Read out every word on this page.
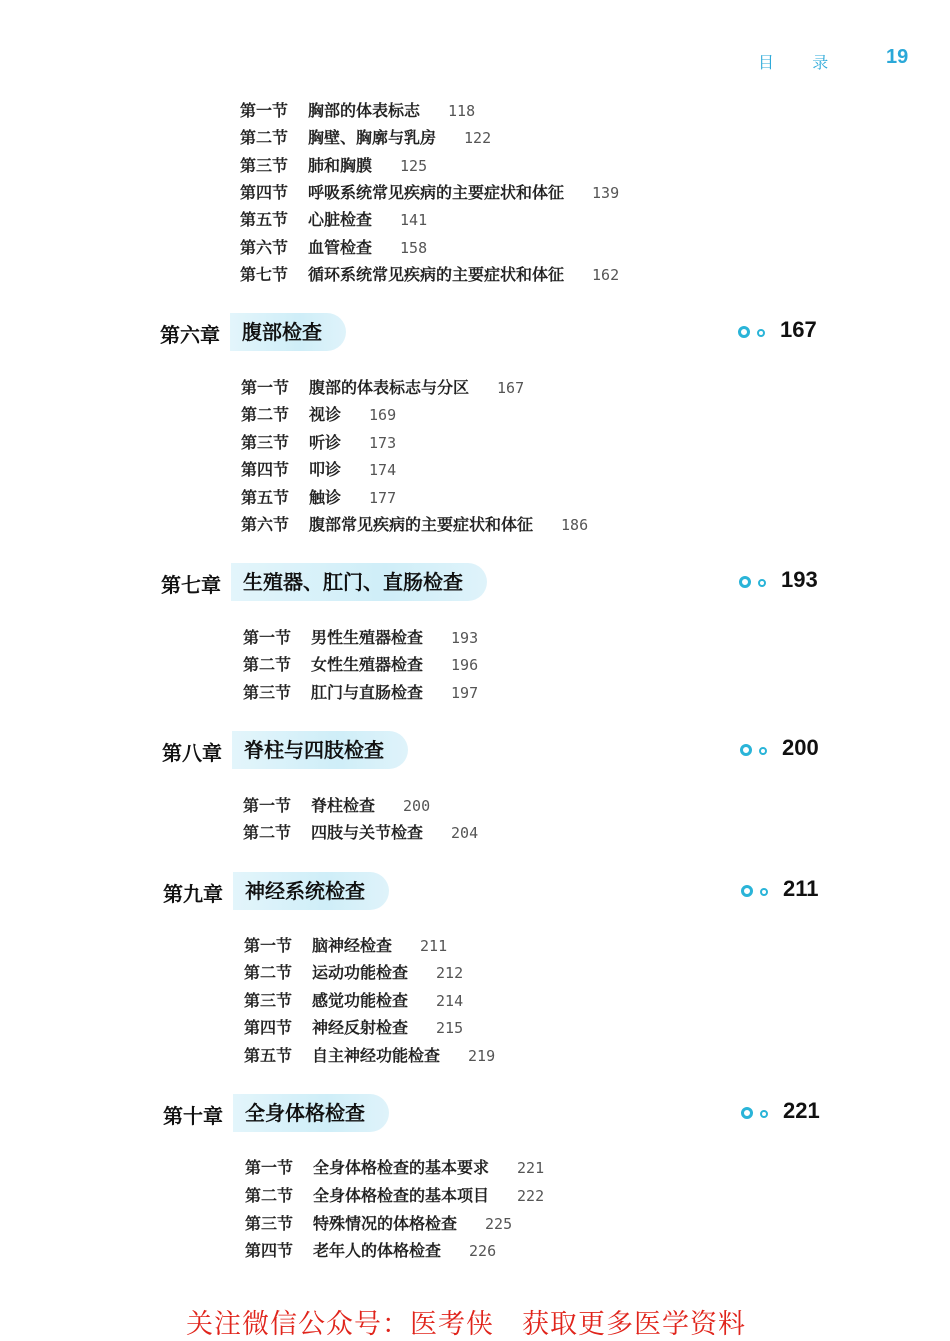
目 录	19
第一节 胸部的体表标志 118
第二节 胸壁、胸廓与乳房 122
第三节 肺和胸膜 125
第四节 呼吸系统常见疾病的主要症状和体征 139
第五节 心脏检查 141
第六节 血管检查 158
第七节 循环系统常见疾病的主要症状和体征 162
第六章	腹部检查	167
第一节 腹部的体表标志与分区 167
第二节 视诊 169
第三节 听诊 173
第四节 叩诊 174
第五节 触诊 177
第六节 腹部常见疾病的主要症状和体征 186
第七章	生殖器、肛门、直肠检查	193
第一节 男性生殖器检查 193
第二节 女性生殖器检查 196
第三节 肛门与直肠检查 197
第八章	脊柱与四肢检查	200
第一节 脊柱检查 200
第二节 四肢与关节检查 204
第九章	神经系统检查	211
第一节 脑神经检查 211
第二节 运动功能检查 212
第三节 感觉功能检查 214
第四节 神经反射检查 215
第五节 自主神经功能检查 219
第十章	全身体格检查	221
第一节 全身体格检查的基本要求 221
第二节 全身体格检查的基本项目 222
第三节 特殊情况的体格检查 225
第四节 老年人的体格检查 226
关注微信公众号：医考侠　获取更多医学资料
